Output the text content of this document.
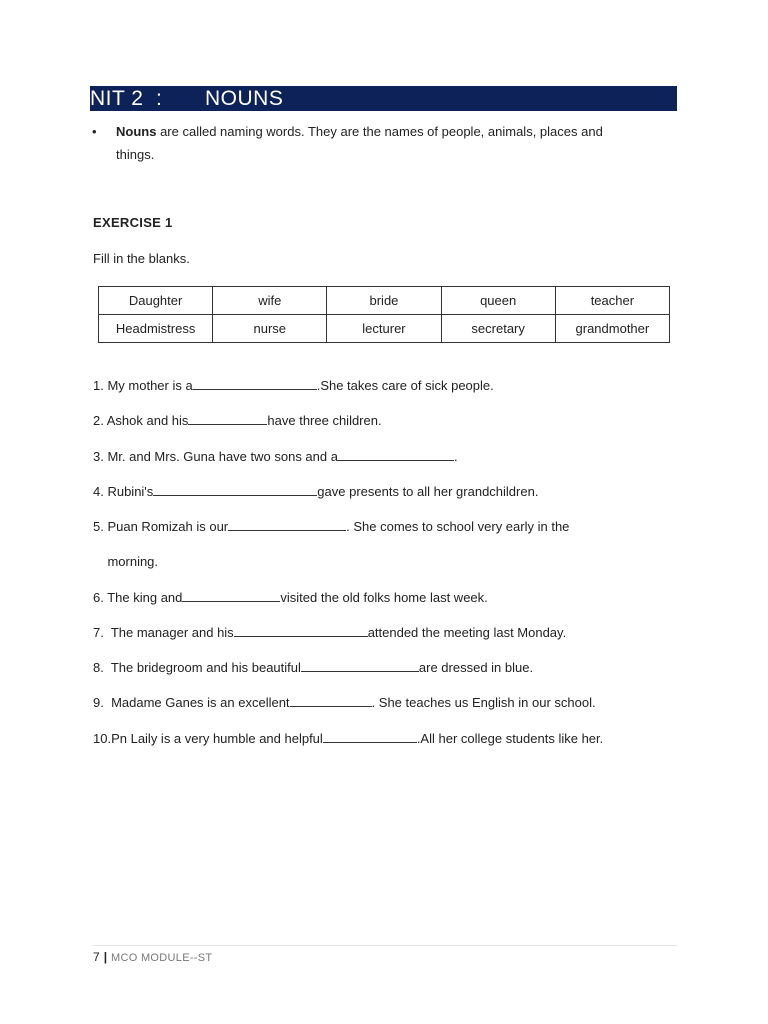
NIT 2

:

NOUNS

• Nouns are called naming words. They are the names of people, animals, places and
things.
EXERCISE 1
Fill in the blanks.
Daughter	wife	bride	queen	teacher
Headmistress	nurse	lecturer	secretary	grandmother
1. My mother is a	.She takes care of sick people.
2. Ashok and his	have three children.
3. Mr. and Mrs. Guna have two sons and a	.
4. Rubini's	gave presents to all her grandchildren.
5. Puan Romizah is our	. She comes to school very early in the
morning.
6. The king and	visited the old folks home last week.
7.  The manager and his	attended the meeting last Monday.
8.  The bridegroom and his beautiful	are dressed in blue.
9.  Madame Ganes is an excellent	. She teaches us English in our school.
10.Pn Laily is a very humble and helpful	.All her college students like her.
7 | MCO MODULE--ST
